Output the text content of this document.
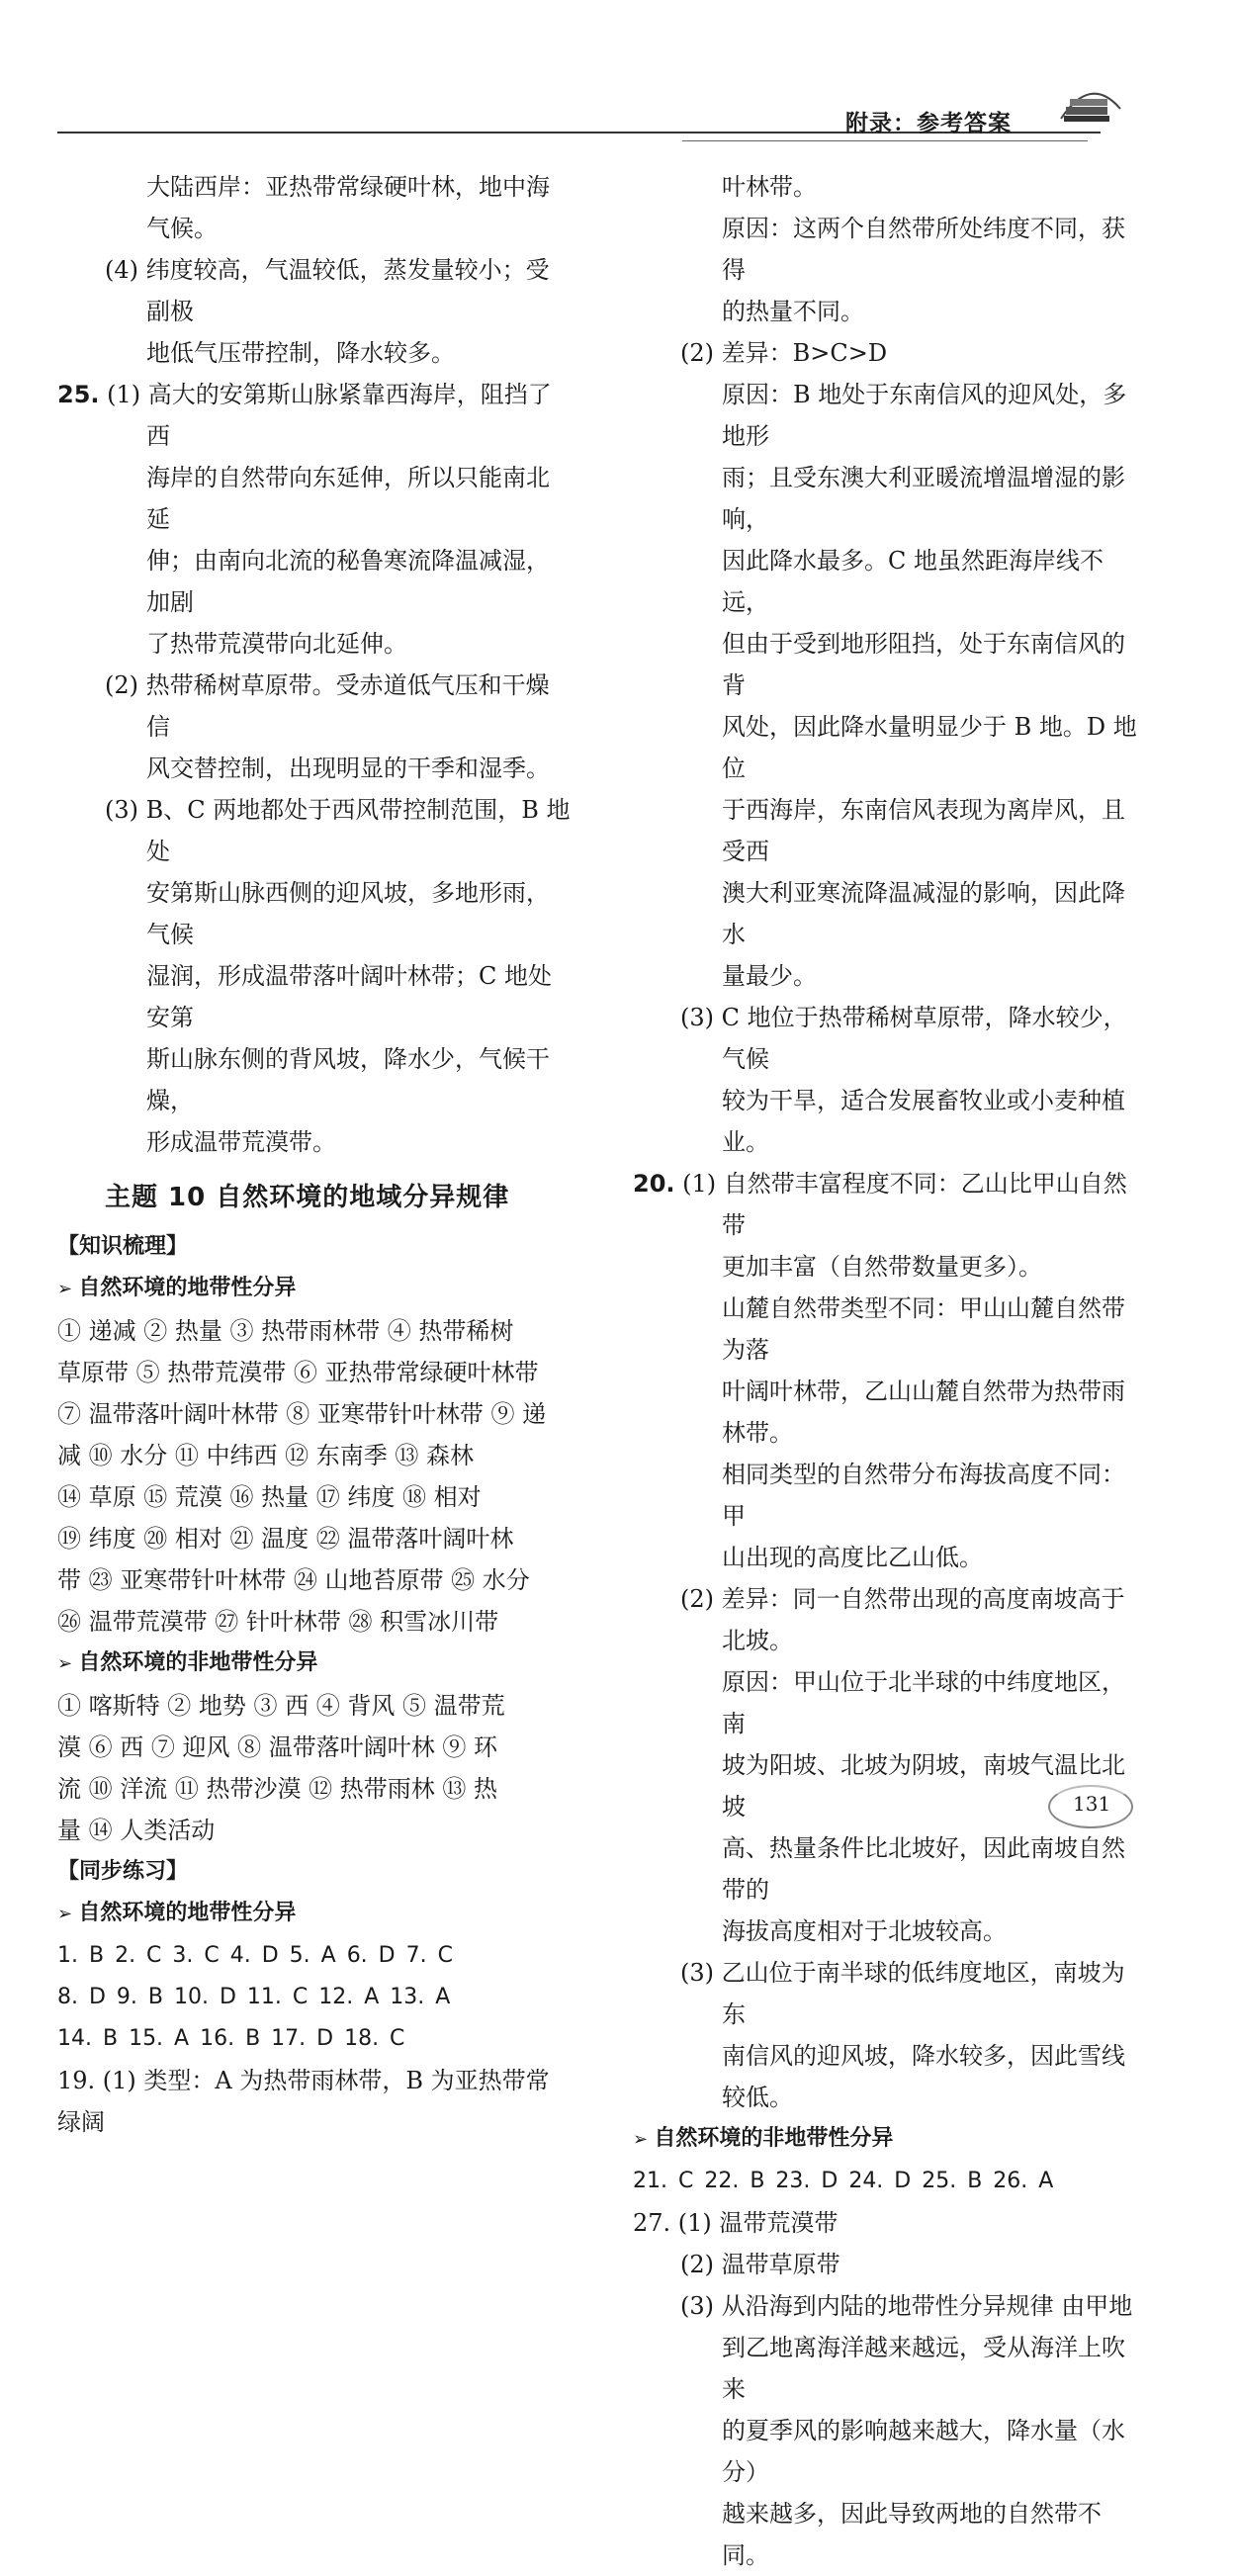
附录：参考答案

大陆西岸：亚热带常绿硬叶林，地中海

气候。

(4) 纬度较高，气温较低，蒸发量较小；受副极

地低气压带控制，降水较多。

25. (1) 高大的安第斯山脉紧靠西海岸，阻挡了西

海岸的自然带向东延伸，所以只能南北延

伸；由南向北流的秘鲁寒流降温减湿，加剧

了热带荒漠带向北延伸。

(2) 热带稀树草原带。受赤道低气压和干燥信

风交替控制，出现明显的干季和湿季。

(3) B、C 两地都处于西风带控制范围，B 地处

安第斯山脉西侧的迎风坡，多地形雨，气候

湿润，形成温带落叶阔叶林带；C 地处安第

斯山脉东侧的背风坡，降水少，气候干燥，

形成温带荒漠带。

主题 10 自然环境的地域分异规律

【知识梳理】

➢ 自然环境的地带性分异

① 递减 ② 热量 ③ 热带雨林带 ④ 热带稀树

草原带 ⑤ 热带荒漠带 ⑥ 亚热带常绿硬叶林带

⑦ 温带落叶阔叶林带 ⑧ 亚寒带针叶林带 ⑨ 递

减 ⑩ 水分 ⑪ 中纬西 ⑫ 东南季 ⑬ 森林

⑭ 草原 ⑮ 荒漠 ⑯ 热量 ⑰ 纬度 ⑱ 相对

⑲ 纬度 ⑳ 相对 ㉑ 温度 ㉒ 温带落叶阔叶林

带 ㉓ 亚寒带针叶林带 ㉔ 山地苔原带 ㉕ 水分

㉖ 温带荒漠带 ㉗ 针叶林带 ㉘ 积雪冰川带

➢ 自然环境的非地带性分异

① 喀斯特 ② 地势 ③ 西 ④ 背风 ⑤ 温带荒

漠 ⑥ 西 ⑦ 迎风 ⑧ 温带落叶阔叶林 ⑨ 环

流 ⑩ 洋流 ⑪ 热带沙漠 ⑫ 热带雨林 ⑬ 热

量 ⑭ 人类活动

【同步练习】

➢ 自然环境的地带性分异

1. B 2. C 3. C 4. D 5. A 6. D 7. C

8. D 9. B 10. D 11. C 12. A 13. A

14. B 15. A 16. B 17. D 18. C

19. (1) 类型：A 为热带雨林带，B 为亚热带常绿阔

叶林带。

原因：这两个自然带所处纬度不同，获得

的热量不同。

(2) 差异：B>C>D

原因：B 地处于东南信风的迎风处，多地形

雨；且受东澳大利亚暖流增温增湿的影响，

因此降水最多。C 地虽然距海岸线不远，

但由于受到地形阻挡，处于东南信风的背

风处，因此降水量明显少于 B 地。D 地位

于西海岸，东南信风表现为离岸风，且受西

澳大利亚寒流降温减湿的影响，因此降水

量最少。

(3) C 地位于热带稀树草原带，降水较少，气候

较为干旱，适合发展畜牧业或小麦种植业。

20. (1) 自然带丰富程度不同：乙山比甲山自然带

更加丰富（自然带数量更多）。

山麓自然带类型不同：甲山山麓自然带为落

叶阔叶林带，乙山山麓自然带为热带雨林带。

相同类型的自然带分布海拔高度不同：甲

山出现的高度比乙山低。

(2) 差异：同一自然带出现的高度南坡高于

北坡。

原因：甲山位于北半球的中纬度地区，南

坡为阳坡、北坡为阴坡，南坡气温比北坡

高、热量条件比北坡好，因此南坡自然带的

海拔高度相对于北坡较高。

(3) 乙山位于南半球的低纬度地区，南坡为东

南信风的迎风坡，降水较多，因此雪线

较低。

➢ 自然环境的非地带性分异

21. C 22. B 23. D 24. D 25. B 26. A

27. (1) 温带荒漠带

(2) 温带草原带

(3) 从沿海到内陆的地带性分异规律 由甲地

到乙地离海洋越来越远，受从海洋上吹来

的夏季风的影响越来越大，降水量（水分）

越来越多，因此导致两地的自然带不同。

131
